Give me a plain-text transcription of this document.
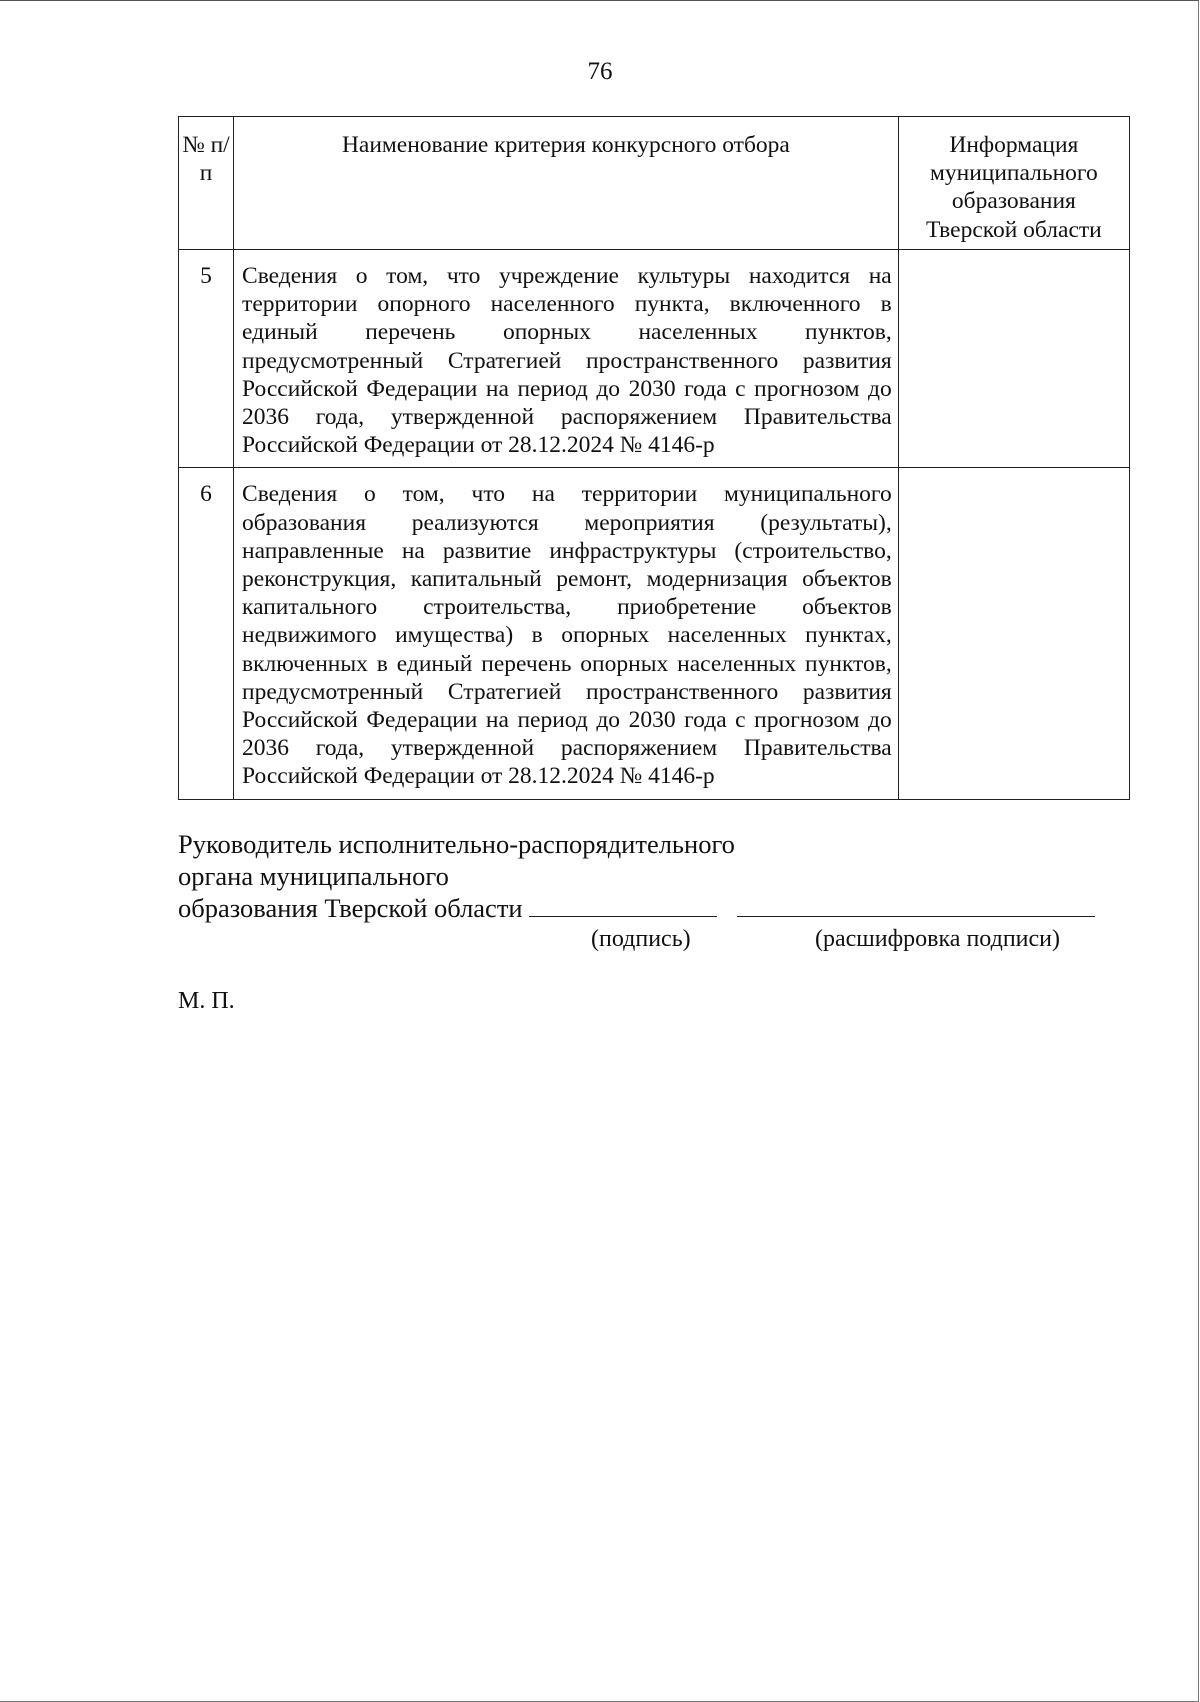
76
№ п/п	Наименование критерия конкурсного отбора	Информация муниципального образования Тверской области
5	Сведения о том, что учреждение культуры находится на территории опорного населенного пункта, включенного в единый перечень опорных населенных пунктов, предусмотренный Стратегией пространственного развития Российской Федерации на период до 2030 года с прогнозом до 2036 года, утвержденной распоряжением Правительства Российской Федерации от 28.12.2024 № 4146-р	
6	Сведения о том, что на территории муниципального образования реализуются мероприятия (результаты), направленные на развитие инфраструктуры (строительство, реконструкция, капитальный ремонт, модернизация объектов капитального строительства, приобретение объектов недвижимого имущества) в опорных населенных пунктах, включенных в единый перечень опорных населенных пунктов, предусмотренный Стратегией пространственного развития Российской Федерации на период до 2030 года с прогнозом до 2036 года, утвержденной распоряжением Правительства Российской Федерации от 28.12.2024 № 4146-р	
Руководитель исполнительно-распорядительного
органа муниципального
образования Тверской области
(подпись)	(расшифровка подписи)
М. П.
